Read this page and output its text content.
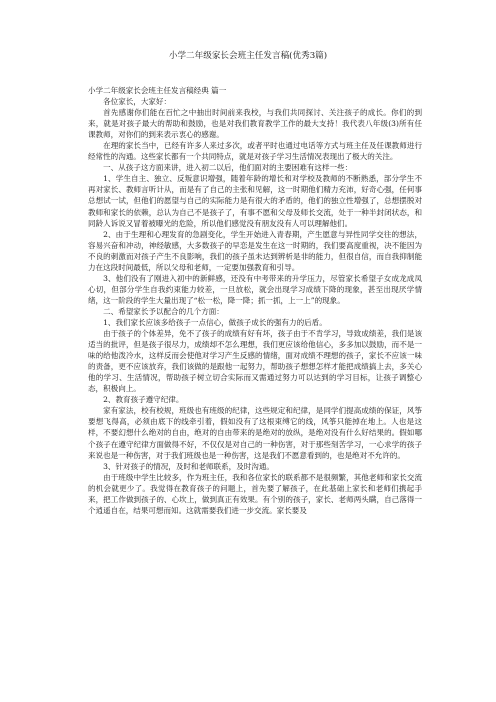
小学二年级家长会班主任发言稿(优秀3篇)

小学二年级家长会班主任发言稿经典 篇一

各位家长，大家好：

首先感谢你们能在百忙之中抽出时间前来我校，与我们共同探讨、关注孩子的成长。你们的到来，就是对孩子最大的帮助和鼓励，也是对我们教育教学工作的最大支持！我代表八年级(3)所有任课教师，对你们的到来表示衷心的感谢。

在理的家长当中，已经有许多人来过多次，或者平时也通过电话等方式与班主任及任课教师进行经常性的沟通。这些家长都有一个共同特点，就是对孩子学习生活情况表现出了极大的关注。

一、从孩子这方面来讲，进入初二以后，他们面对的主要困难有这样一些：

1、学生自主、独立、反叛意识增强，随着年龄的增长和对学校及教师的不断熟悉，部分学生不再对家长、教师言听计从，而是有了自己的主张和见解，这一时期他们精力充沛，好奇心强，任何事总想试一试，但他们的愿望与自己的实际能力是有很大的矛盾的，他们的独立性增强了，总想摆脱对教师和家长的依赖，总认为自己不是孩子了，有事不愿和父母及师长交流，处于一种半封闭状态，和同龄人诉说又冒着被曝光的危险，所以他们感觉没有朋友没有人可以理解他们。

2、由于生理和心理发育的急剧变化，学生开始进入青春期，产生愿意与异性同学交往的想法，容易兴奋和冲动，神经敏感，大多数孩子的早恋是发生在这一时期的，我们要高度重视，决不能因为不良的刺激而对孩子产生不良影响，我们的孩子虽未达到辨析是非的能力，但很自信，而自我抑制能力在这段时间最低，所以父母和老师，一定要加强教育和引导。

3、他们没有了刚进入初中的新鲜感，还没有中考带来的升学压力，尽管家长希望子女成龙成凤心切，但部分学生自我约束能力较差，一旦放松，就会出现学习成绩下降的现象，甚至出现厌学情绪，这一阶段的学生大量出现了“松一松，降一降；抓一抓，上一上”的现象。

二、希望家长予以配合的几个方面：

1、我们家长应该多给孩子一点信心，做孩子成长的强有力的后盾。

由于孩子的个体差异，免不了孩子的成绩有好有坏，孩子由于不肯学习，导致成绩差，我们是该适当的批评，但是孩子很尽力，成绩却不怎么理想，我们更应该给他信心，多多加以鼓励，而不是一味的给他泼冷水，这样反而会使他对学习产生反感的情绪，面对成绩不理想的孩子，家长不应该一味的责备，更不应该放弃，我们该做的是跟他一起努力，帮助孩子想想怎样才能把成绩搞上去，多关心他的学习、生活情况，帮助孩子树立切合实际而又需通过努力可以达到的学习目标，让孩子调整心态，积极向上。

2、教育孩子遵守纪律。

家有家法，校有校规，班级也有班级的纪律，这些规定和纪律，是同学们提高成绩的保证，风筝要想飞得高，必须由底下的线牵引着，假如没有了这根束缚它的线，风筝只能掉在地上。人也是这样，不要幻想什么绝对的自由，绝对的自由带来的是绝对的放纵，是绝对没有什么好结果的。假如哪个孩子在遵守纪律方面做得不好，不仅仅是对自己的一种伤害，对于那些刻苦学习，一心求学的孩子来说也是一种伤害，对于我们班级也是一种伤害，这是我们不愿意看到的，也是绝对不允许的。

3、针对孩子的情况，及时和老师联系，及时沟通。

由于班级中学生比较多，作为班主任，我和各位家长的联系都不是很频繁，其他老师和家长交流的机会就更少了。我觉得在教育孩子的问题上，首先要了解孩子，在此基础上家长和老师们携起手来，把工作做到孩子的、心坎上，做到真正有效果。有个别的孩子，家长、老师两头瞒，自己落得一个逍遥自在，结果可想而知。这就需要我们进一步交流。家长要及
